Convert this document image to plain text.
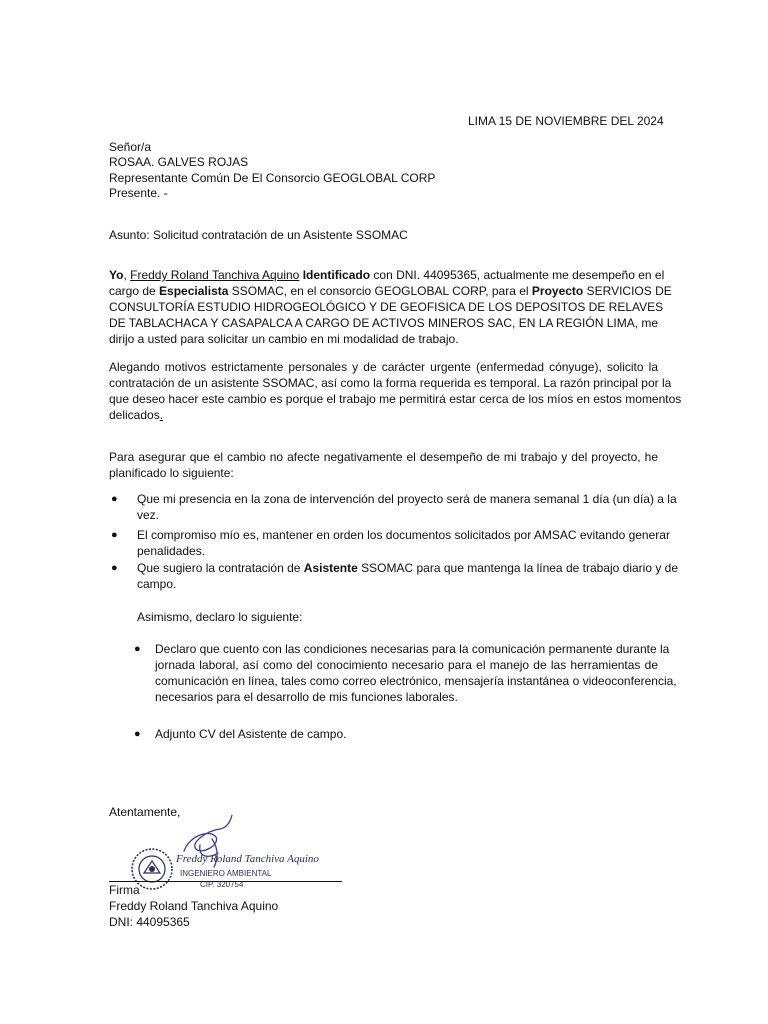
LIMA 15 DE NOVIEMBRE DEL 2024
Señor/a
ROSAA. GALVES ROJAS
Representante Común De El Consorcio GEOGLOBAL CORP
Presente. -
Asunto: Solicitud contratación de un Asistente SSOMAC
Yo, Freddy Roland Tanchiva Aquino Identificado con DNI. 44095365, actualmente me desempeño en el
cargo de Especialista SSOMAC, en el consorcio GEOGLOBAL CORP, para el Proyecto SERVICIOS DE
CONSULTORÍA ESTUDIO HIDROGEOLÓGICO Y DE GEOFISICA DE LOS DEPOSITOS DE RELAVES
DE TABLACHACA Y CASAPALCA A CARGO DE ACTIVOS MINEROS SAC, EN LA REGIÓN LIMA, me
dirijo a usted para solicitar un cambio en mi modalidad de trabajo.
Alegando motivos estrictamente personales y de carácter urgente (enfermedad cónyuge), solicito la
contratación de un asistente SSOMAC, así como la forma requerida es temporal. La razón principal por la
que deseo hacer este cambio es porque el trabajo me permitirá estar cerca de los míos en estos momentos
delicados.
Para asegurar que el cambio no afecte negativamente el desempeño de mi trabajo y del proyecto, he
planificado lo siguiente:
● Que mi presencia en la zona de intervención del proyecto será de manera semanal 1 día (un día) a la
vez.
● El compromiso mío es, mantener en orden los documentos solicitados por AMSAC evitando generar
penalidades.
● Que sugiero la contratación de Asistente SSOMAC para que mantenga la línea de trabajo diario y de
campo.
Asimismo, declaro lo siguiente:
● Declaro que cuento con las condiciones necesarias para la comunicación permanente durante la
jornada laboral, así como del conocimiento necesario para el manejo de las herramientas de
comunicación en línea, tales como correo electrónico, mensajería instantánea o videoconferencia,
necesarios para el desarrollo de mis funciones laborales.
● Adjunto CV del Asistente de campo.
Atentamente,
Freddy Roland Tanchiva Aquino
INGENIERO AMBIENTAL
CIP. 320754
Firma
Freddy Roland Tanchiva Aquino
DNI: 44095365
